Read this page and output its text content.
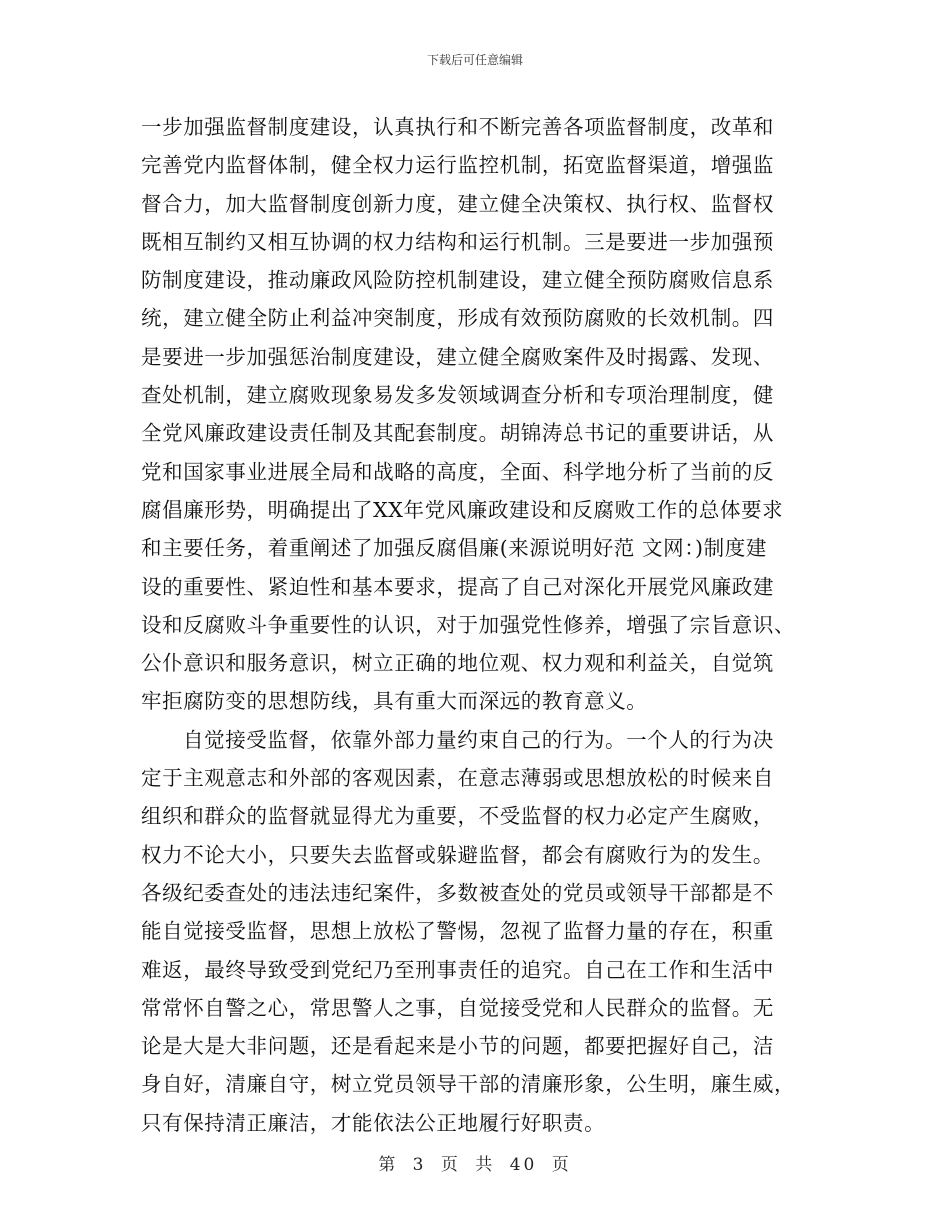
下载后可任意编辑
一步加强监督制度建设，认真执行和不断完善各项监督制度，改革和
完善党内监督体制，健全权力运行监控机制，拓宽监督渠道，增强监
督合力，加大监督制度创新力度，建立健全决策权、执行权、监督权
既相互制约又相互协调的权力结构和运行机制。三是要进一步加强预
防制度建设，推动廉政风险防控机制建设，建立健全预防腐败信息系
统，建立健全防止利益冲突制度，形成有效预防腐败的长效机制。四
是要进一步加强惩治制度建设，建立健全腐败案件及时揭露、发现、
查处机制，建立腐败现象易发多发领域调查分析和专项治理制度，健
全党风廉政建设责任制及其配套制度。胡锦涛总书记的重要讲话，从
党和国家事业进展全局和战略的高度，全面、科学地分析了当前的反
腐倡廉形势，明确提出了XX年党风廉政建设和反腐败工作的总体要求
和主要任务，着重阐述了加强反腐倡廉(来源说明好范 文网：)制度建
设的重要性、紧迫性和基本要求，提高了自己对深化开展党风廉政建
设和反腐败斗争重要性的认识，对于加强党性修养，增强了宗旨意识、
公仆意识和服务意识，树立正确的地位观、权力观和利益关，自觉筑
牢拒腐防变的思想防线，具有重大而深远的教育意义。
自觉接受监督，依靠外部力量约束自己的行为。一个人的行为决
定于主观意志和外部的客观因素，在意志薄弱或思想放松的时候来自
组织和群众的监督就显得尤为重要，不受监督的权力必定产生腐败，
权力不论大小，只要失去监督或躲避监督，都会有腐败行为的发生。
各级纪委查处的违法违纪案件，多数被查处的党员或领导干部都是不
能自觉接受监督，思想上放松了警惕，忽视了监督力量的存在，积重
难返，最终导致受到党纪乃至刑事责任的追究。自己在工作和生活中
常常怀自警之心，常思警人之事，自觉接受党和人民群众的监督。无
论是大是大非问题，还是看起来是小节的问题，都要把握好自己，洁
身自好，清廉自守，树立党员领导干部的清廉形象，公生明，廉生威，
只有保持清正廉洁，才能依法公正地履行好职责。
第 3 页 共 40 页
